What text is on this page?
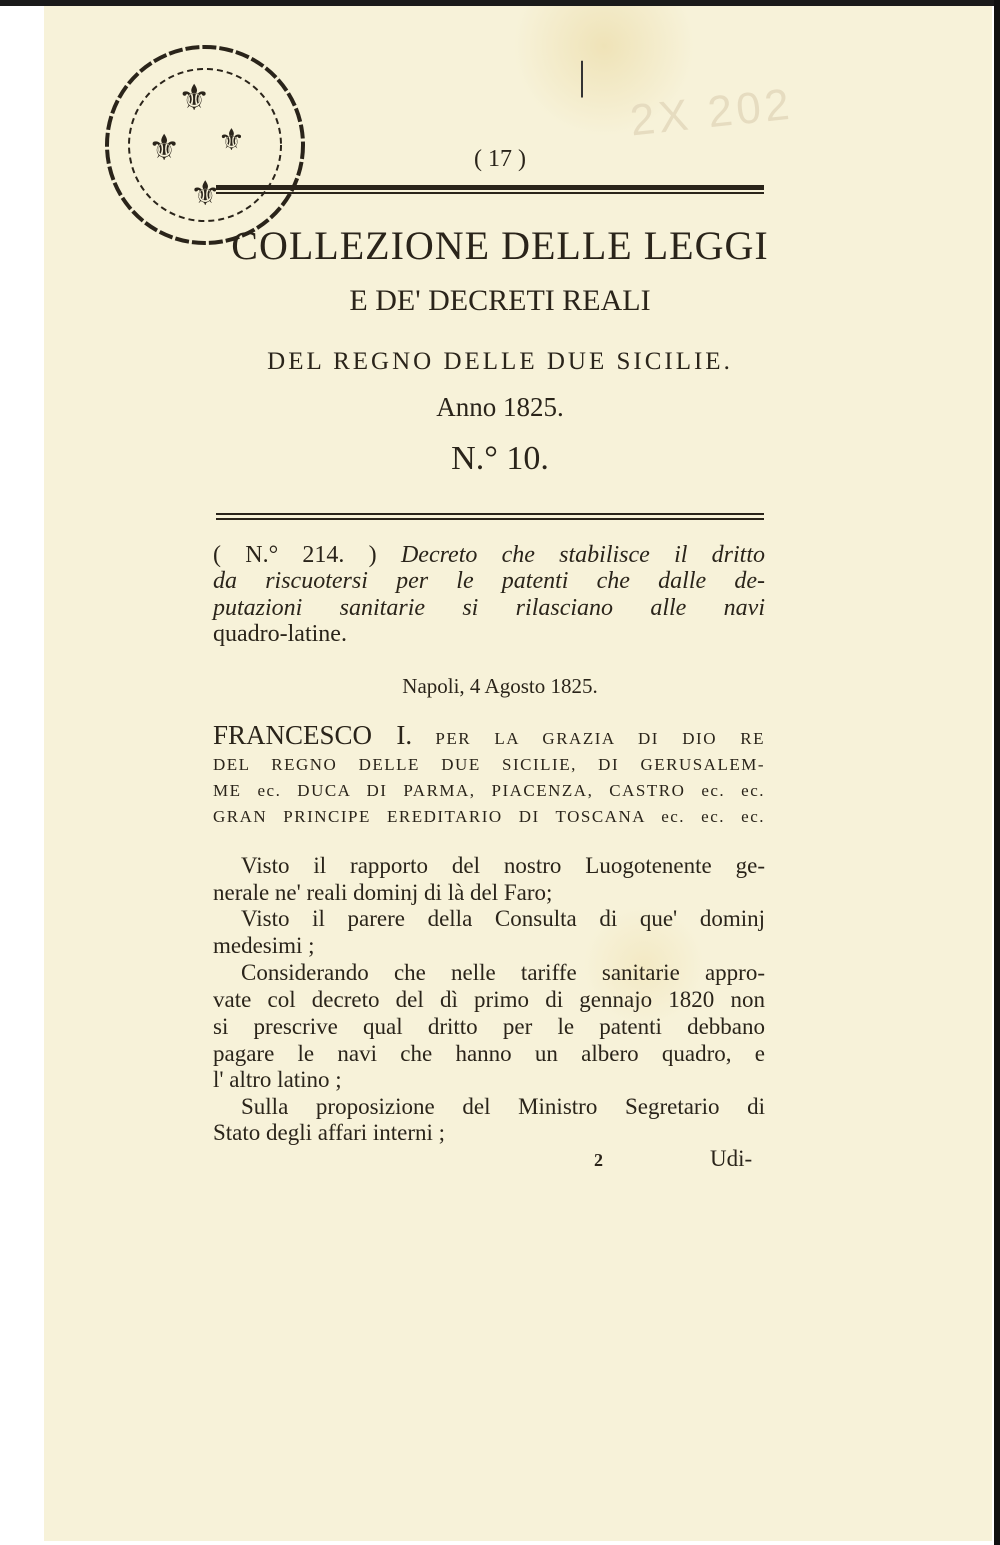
|
2X 202
( 17 )
COLLEZIONE DELLE LEGGI
E DE' DECRETI REALI
DEL REGNO DELLE DUE SICILIE.
Anno 1825.
N.° 10.
⚜
⚜ ⚜
⚜
( N.° 214. ) Decreto che stabilisce il dritto
da riscuotersi per le patenti che dalle de-
putazioni sanitarie si rilasciano alle navi
quadro-latine.
Napoli, 4 Agosto 1825.
FRANCESCO I. PER LA GRAZIA DI DIO RE
DEL REGNO DELLE DUE SICILIE, DI GERUSALEM-
ME ec. DUCA DI PARMA, PIACENZA, CASTRO ec. ec.
GRAN PRINCIPE EREDITARIO DI TOSCANA ec. ec. ec.
Visto il rapporto del nostro Luogotenente ge-
nerale ne' reali dominj di là del Faro;
Visto il parere della Consulta di que' dominj
medesimi ;
Considerando che nelle tariffe sanitarie appro-
vate col decreto del dì primo di gennajo 1820 non
si prescrive qual dritto per le patenti debbano
pagare le navi che hanno un albero quadro, e
l' altro latino ;
Sulla proposizione del Ministro Segretario di
Stato degli affari interni ;
2	Udi-
